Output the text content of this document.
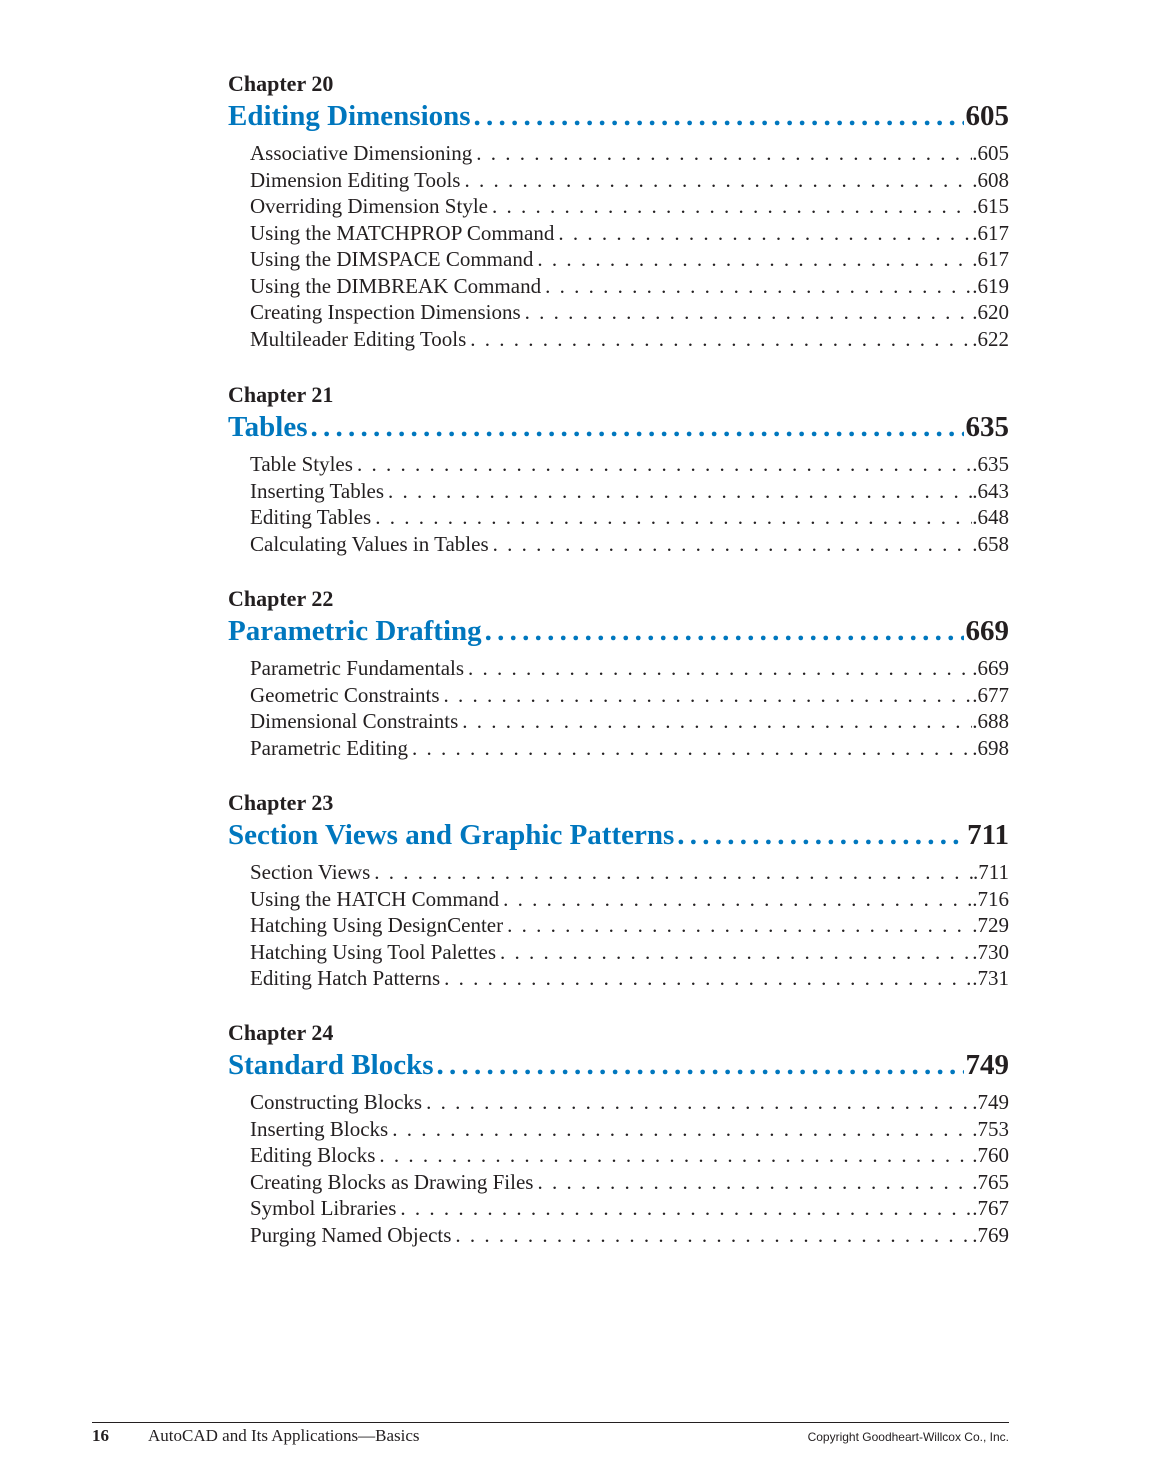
Chapter 20
Editing Dimensions . . .	605
Associative Dimensioning . . .	.605
Dimension Editing Tools . . .	.608
Overriding Dimension Style . . .	.615
Using the MATCHPROP Command . . .	.617
Using the DIMSPACE Command . . .	.617
Using the DIMBREAK Command . . .	.619
Creating Inspection Dimensions . . .	.620
Multileader Editing Tools . . .	.622
Chapter 21
Tables . . .	635
Table Styles . . .	.635
Inserting Tables . . .	.643
Editing Tables . . .	.648
Calculating Values in Tables . . .	.658
Chapter 22
Parametric Drafting . . .	669
Parametric Fundamentals . . .	.669
Geometric Constraints . . .	.677
Dimensional Constraints . . .	.688
Parametric Editing . . .	.698
Chapter 23
Section Views and Graphic Patterns . . .	711
Section Views . . .	.711
Using the HATCH Command . . .	.716
Hatching Using DesignCenter . . .	.729
Hatching Using Tool Palettes . . .	.730
Editing Hatch Patterns . . .	.731
Chapter 24
Standard Blocks . . .	749
Constructing Blocks . . .	.749
Inserting Blocks . . .	.753
Editing Blocks . . .	.760
Creating Blocks as Drawing Files . . .	.765
Symbol Libraries . . .	.767
Purging Named Objects . . .	.769
16 AutoCAD and Its Applications—Basics	Copyright Goodheart-Willcox Co., Inc.
